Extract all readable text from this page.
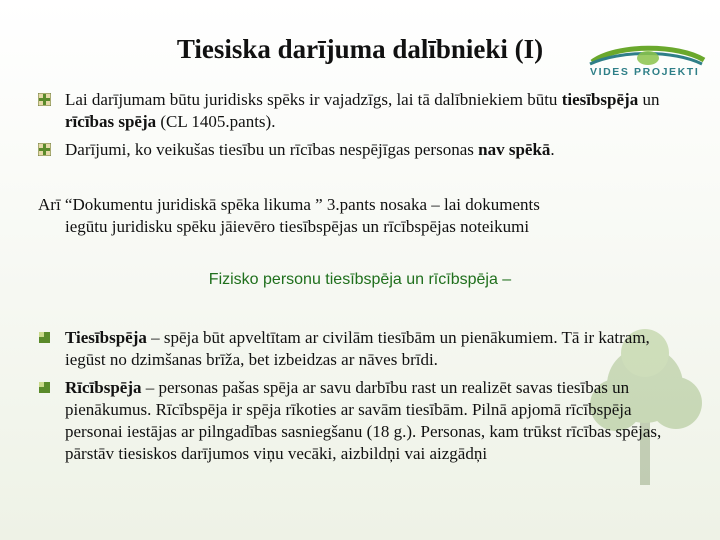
Tiesiska darījuma dalībnieki (I)
VIDES PROJEKTI
Lai darījumam būtu juridisks spēks ir vajadzīgs, lai tā dalībniekiem būtu tiesībspēja un rīcības spēja (CL 1405.pants).
Darījumi, ko veikušas tiesību un rīcības nespējīgas personas nav spēkā.
Arī “Dokumentu juridiskā spēka likuma ” 3.pants nosaka – lai dokuments
iegūtu juridisku spēku jāievēro tiesībspējas un rīcībspējas noteikumi
Fizisko personu tiesībspēja un rīcībspēja –
Tiesībspēja – spēja būt apveltītam ar civilām tiesībām un pienākumiem. Tā ir katram, iegūst no dzimšanas brīža, bet izbeidzas ar nāves brīdi.
Rīcībspēja – personas pašas spēja ar savu darbību rast un realizēt savas tiesības un pienākumus. Rīcībspēja ir spēja rīkoties ar savām tiesībām. Pilnā apjomā rīcībspēja personai iestājas ar pilngadības sasniegšanu (18 g.). Personas, kam trūkst rīcības spējas, pārstāv tiesiskos darījumos viņu vecāki, aizbildņi vai aizgādņi
